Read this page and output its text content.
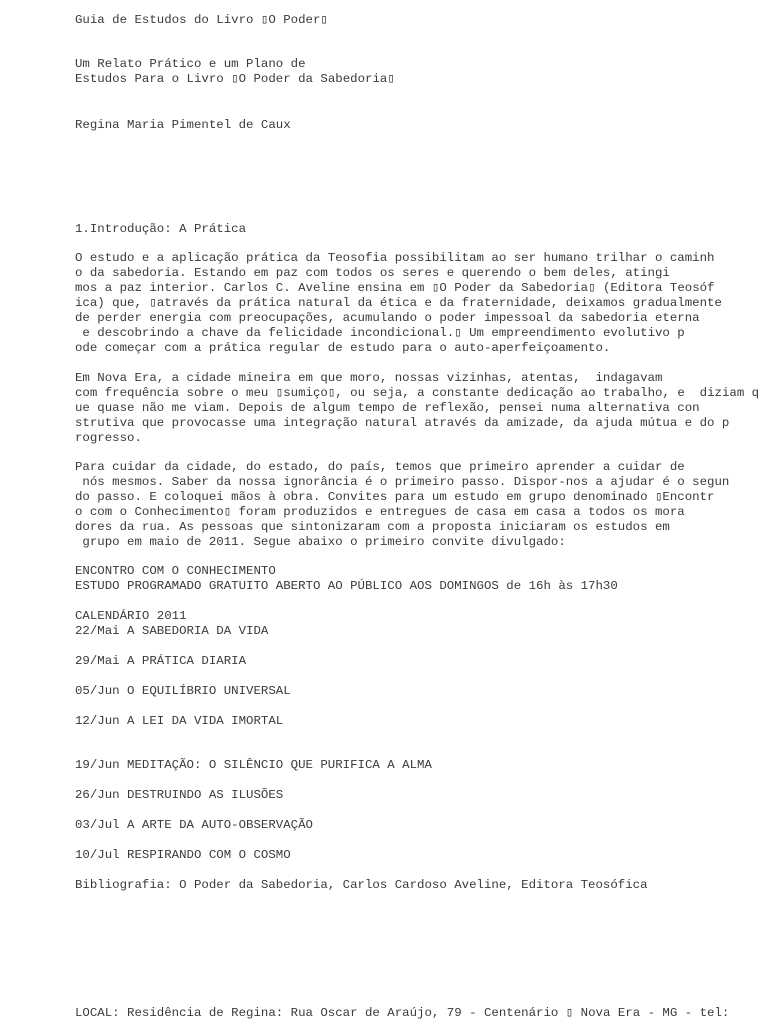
Guia de Estudos do Livro ▯O Poder▯
Um Relato Prático e um Plano de
Estudos Para o Livro ▯O Poder da Sabedoria▯
Regina Maria Pimentel de Caux
1.Introdução: A Prática
O estudo e a aplicação prática da Teosofia possibilitam ao ser humano trilhar o caminh
o da sabedoria. Estando em paz com todos os seres e querendo o bem deles, atingi
mos a paz interior. Carlos C. Aveline ensina em ▯O Poder da Sabedoria▯ (Editora Teosóf
ica) que, ▯através da prática natural da ética e da fraternidade, deixamos gradualmente
de perder energia com preocupações, acumulando o poder impessoal da sabedoria eterna
e descobrindo a chave da felicidade incondicional.▯ Um empreendimento evolutivo p
ode começar com a prática regular de estudo para o auto-aperfeiçoamento.
Em Nova Era, a cidade mineira em que moro, nossas vizinhas, atentas,  indagavam
com frequência sobre o meu ▯sumiço▯, ou seja, a constante dedicação ao trabalho, e  diziam q
ue quase não me viam. Depois de algum tempo de reflexão, pensei numa alternativa con
strutiva que provocasse uma integração natural através da amizade, da ajuda mútua e do p
rogresso.
Para cuidar da cidade, do estado, do país, temos que primeiro aprender a cuidar de
nós mesmos. Saber da nossa ignorância é o primeiro passo. Dispor-nos a ajudar é o segun
do passo. E coloquei mãos à obra. Convites para um estudo em grupo denominado ▯Encontr
o com o Conhecimento▯ foram produzidos e entregues de casa em casa a todos os mora
dores da rua. As pessoas que sintonizaram com a proposta iniciaram os estudos em
grupo em maio de 2011. Segue abaixo o primeiro convite divulgado:
ENCONTRO COM O CONHECIMENTO
ESTUDO PROGRAMADO GRATUITO ABERTO AO PÚBLICO AOS DOMINGOS de 16h às 17h30
CALENDÁRIO 2011
22/Mai A SABEDORIA DA VIDA
29/Mai A PRÁTICA DIARIA
05/Jun O EQUILÍBRIO UNIVERSAL
12/Jun A LEI DA VIDA IMORTAL
19/Jun MEDITAÇÃO: O SILÊNCIO QUE PURIFICA A ALMA
26/Jun DESTRUINDO AS ILUSÕES
03/Jul A ARTE DA AUTO-OBSERVAÇÃO
10/Jul RESPIRANDO COM O COSMO
Bibliografia: O Poder da Sabedoria, Carlos Cardoso Aveline, Editora Teosófica
LOCAL: Residência de Regina: Rua Oscar de Araújo, 79 - Centenário ▯ Nova Era - MG - tel:
